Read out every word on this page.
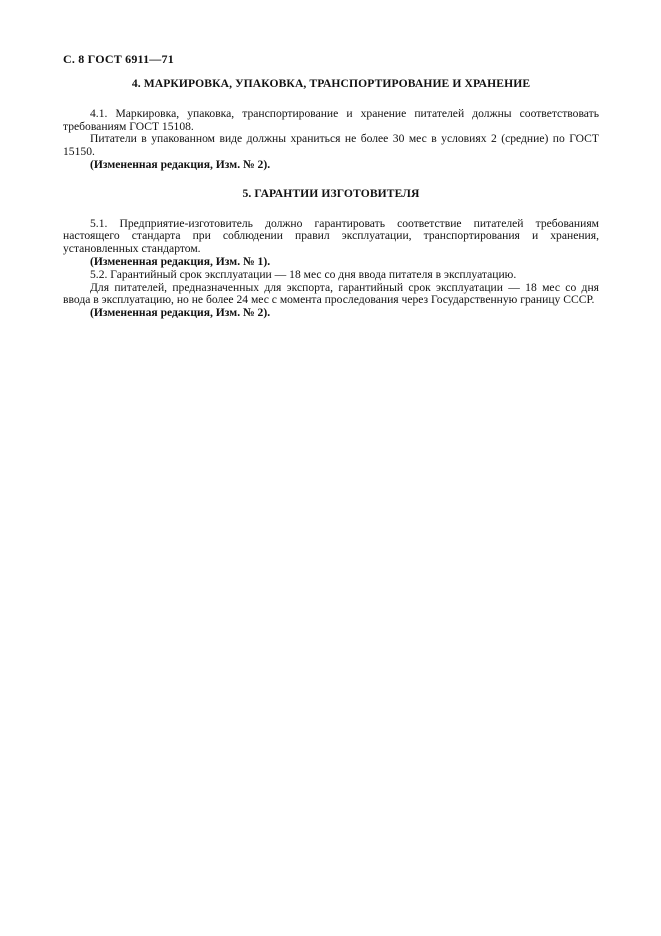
С. 8 ГОСТ 6911—71
4. МАРКИРОВКА, УПАКОВКА, ТРАНСПОРТИРОВАНИЕ И ХРАНЕНИЕ

4.1. Маркировка, упаковка, транспортирование и хранение питателей должны соответствовать требованиям ГОСТ 15108.

Питатели в упакованном виде должны храниться не более 30 мес в условиях 2 (средние) по ГОСТ 15150.

(Измененная редакция, Изм. № 2).

5. ГАРАНТИИ ИЗГОТОВИТЕЛЯ

5.1. Предприятие-изготовитель должно гарантировать соответствие питателей требованиям настоящего стандарта при соблюдении правил эксплуатации, транспортирования и хранения, установленных стандартом.

(Измененная редакция, Изм. № 1).

5.2. Гарантийный срок эксплуатации — 18 мес со дня ввода питателя в эксплуатацию.

Для питателей, предназначенных для экспорта, гарантийный срок эксплуатации — 18 мес со дня ввода в эксплуатацию, но не более 24 мес с момента проследования через Государственную границу СССР.

(Измененная редакция, Изм. № 2).
